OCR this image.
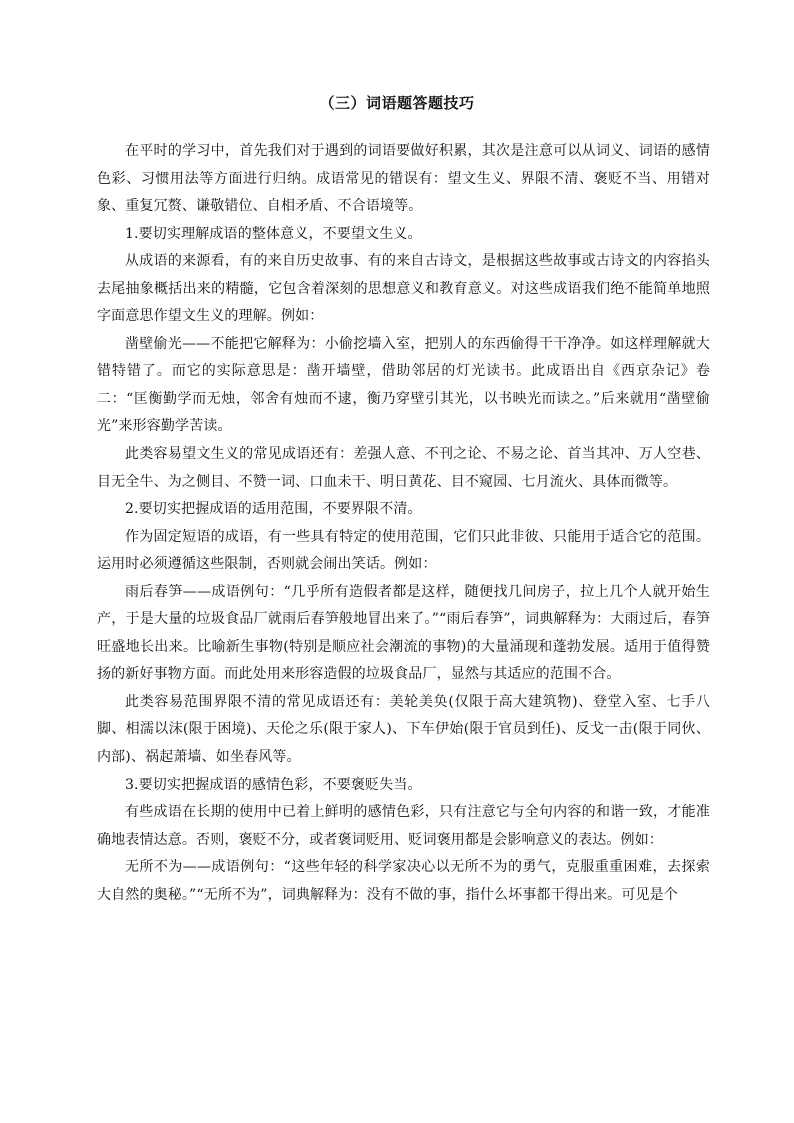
（三）词语题答题技巧

在平时的学习中，首先我们对于遇到的词语要做好积累，其次是注意可以从词义、词语的感情色彩、习惯用法等方面进行归纳。成语常见的错误有：望文生义、界限不清、褒贬不当、用错对象、重复冗赘、谦敬错位、自相矛盾、不合语境等。

1.要切实理解成语的整体意义，不要望文生义。

从成语的来源看，有的来自历史故事、有的来自古诗文，是根据这些故事或古诗文的内容掐头去尾抽象概括出来的精髓，它包含着深刻的思想意义和教育意义。对这些成语我们绝不能简单地照字面意思作望文生义的理解。例如：

凿壁偷光——不能把它解释为：小偷挖墙入室，把别人的东西偷得干干净净。如这样理解就大错特错了。而它的实际意思是：凿开墙壁，借助邻居的灯光读书。此成语出自《西京杂记》卷二：“匡衡勤学而无烛，邻舍有烛而不逮，衡乃穿壁引其光，以书映光而读之。”后来就用“凿壁偷光”来形容勤学苦读。

此类容易望文生义的常见成语还有：差强人意、不刊之论、不易之论、首当其冲、万人空巷、目无全牛、为之侧目、不赞一词、口血未干、明日黄花、目不窥园、七月流火、具体而微等。

2.要切实把握成语的适用范围，不要界限不清。

作为固定短语的成语，有一些具有特定的使用范围，它们只此非彼、只能用于适合它的范围。运用时必须遵循这些限制，否则就会闹出笑话。例如：

雨后春笋——成语例句：“几乎所有造假者都是这样，随便找几间房子，拉上几个人就开始生产，于是大量的垃圾食品厂就雨后春笋般地冒出来了。”“雨后春笋”，词典解释为：大雨过后，春笋旺盛地长出来。比喻新生事物(特别是顺应社会潮流的事物)的大量涌现和蓬勃发展。适用于值得赞扬的新好事物方面。而此处用来形容造假的垃圾食品厂，显然与其适应的范围不合。

此类容易范围界限不清的常见成语还有：美轮美奂(仅限于高大建筑物)、登堂入室、七手八脚、相濡以沫(限于困境)、天伦之乐(限于家人)、下车伊始(限于官员到任)、反戈一击(限于同伙、内部)、祸起萧墙、如坐春风等。

3.要切实把握成语的感情色彩，不要褒贬失当。

有些成语在长期的使用中已着上鲜明的感情色彩，只有注意它与全句内容的和谐一致，才能准确地表情达意。否则，褒贬不分，或者褒词贬用、贬词褒用都是会影响意义的表达。例如：

无所不为——成语例句：“这些年轻的科学家决心以无所不为的勇气，克服重重困难，去探索大自然的奥秘。”“无所不为”，词典解释为：没有不做的事，指什么坏事都干得出来。可见是个
